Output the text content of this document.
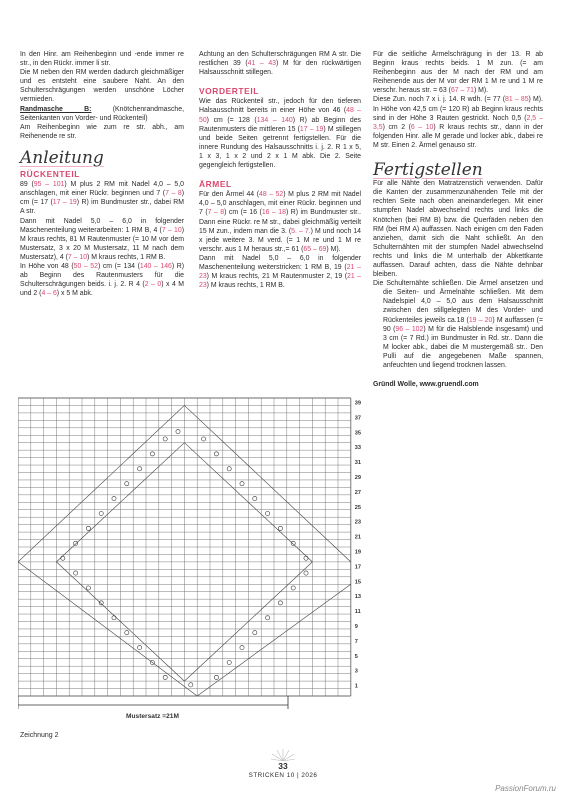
In den Hinr. am Reihenbeginn und -ende immer re str., in den Rückr. immer li str.

Die M neben den RM werden dadurch gleichmäßiger und es entsteht eine saubere Naht. An den Schulterschrägungen werden unschöne Löcher vermieden.

Randmasche B: (Knötchenrandmasche, Seitenkanten von Vorder- und Rückenteil)

Am Reihenbeginn wie zum re str. abh., am Reihenende re str.

Anleitung

RÜCKENTEIL

89 (95 – 101) M plus 2 RM mit Nadel 4,0 – 5,0 anschlagen, mit einer Rückr. beginnen und 7 (7 – 8) cm (= 17 (17 – 19) R) im Bundmuster str., dabei RM A str.

Dann mit Nadel 5,0 – 6,0 in folgender Maschenenteilung weiterarbeiten: 1 RM B, 4 (7 – 10) M kraus rechts, 81 M Rautenmuster (= 10 M vor dem Mustersatz, 3 x 20 M Mustersatz, 11 M nach dem Mustersatz), 4 (7 – 10) M kraus rechts, 1 RM B.

In Höhe von 48 (50 – 52) cm (= 134 (140 – 146) R) ab Beginn des Rautenmusters für die Schulterschrägungen beids. i. j. 2. R 4 (2 – 0) x 4 M und 2 (4 – 6) x 5 M abk.

Achtung an den Schulterschrägungen RM A str. Die restlichen 39 (41 – 43) M für den rückwärtigen Halsausschnitt stillegen.

VORDERTEIL

Wie das Rückenteil str., jedoch für den tieferen Halsausschnitt bereits in einer Höhe von 46 (48 – 50) cm (= 128 (134 – 140) R) ab Beginn des Rautenmusters die mittleren 15 (17 – 19) M stillegen und beide Seiten getrennt fertigstellen. Für die innere Rundung des Halsausschnitts i. j. 2. R 1 x 5, 1 x 3, 1 x 2 und 2 x 1 M abk. Die 2. Seite gegengleich fertigstellen.

ÄRMEL

Für den Ärmel 44 (48 – 52) M plus 2 RM mit Nadel 4,0 – 5,0 anschlagen, mit einer Rückr. beginnen und 7 (7 – 8) cm (= 16 (16 – 18) R) im Bundmuster str.. Dann eine Rückr. re M str., dabei gleichmäßig verteilt 15 M zun., indem man die 3. (5. – 7.) M und noch 14 x jede weitere 3. M verd. (= 1 M re und 1 M re verschr. aus 1 M heraus str.,= 61 (65 – 69) M).

Dann mit Nadel 5,0 – 6,0 in folgender Maschenenteilung weiterstricken: 1 RM B, 19 (21 – 23) M kraus rechts, 21 M Rautenmuster 2, 19 (21 – 23) M kraus rechts, 1 RM B.

Für die seitliche Ärmelschrägung in der 13. R ab Beginn kraus rechts beids. 1 M zun. (= am Reihenbeginn aus der M nach der RM und am Reihenende aus der M vor der RM 1 M re und 1 M re verschr. heraus str. = 63 (67 – 71) M).

Diese Zun. noch 7 x i. j. 14. R wdh. (= 77 (81 – 85) M). In Höhe von 42,5 cm (= 120 R) ab Beginn kraus rechts sind in der Höhe 3 Rauten gestrickt. Noch 0,5 (2,5 – 3,5) cm 2 (6 – 10) R kraus rechts str., dann in der folgenden Hinr. alle M gerade und locker abk., dabei re M str. Einen 2. Ärmel genauso str.

Fertigstellen

Für alle Nähte den Matratzenstich verwenden. Dafür die Kanten der zusammenzunähenden Teile mit der rechten Seite nach oben aneinanderlegen. Mit einer stumpfen Nadel abwechselnd rechts und links die Knötchen (bei RM B) bzw. die Querfäden neben den RM (bei RM A) auffassen. Nach einigen cm den Faden anziehen, damit sich die Naht schließt. An den Schulternähten mit der stumpfen Nadel abwechselnd rechts und links die M unterhalb der Abkettkante auffassen. Darauf achten, dass die Nähte dehnbar bleiben.

Die Schulternähte schließen. Die Ärmel ansetzen und die Seiten- und Ärmelnähte schließen. Mit dem Nadelspiel 4,0 – 5,0 aus dem Halsausschnitt zwischen den stillgelegten M des Vorder- und Rückenteiles jeweils ca.18 (19 – 20) M auffassen (= 90 (96 – 102) M für die Halsblende insgesamt) und 3 cm (= 7 Rd.) im Bundmuster in Rd. str.. Dann die M locker abk., dabei die M mustergemäß str.. Den Pulli auf die angegebenen Maße spannen, anfeuchten und liegend trocknen lassen.

Gründl Wolle, www.gruendl.com

39
37
35
33
31
29
27
25
23
21
19
17
15
13
11
9
7
5
3
1
Mustersatz =21M
Zeichnung 2
33
STRICKEN 10 | 2026
PassionForum.ru
